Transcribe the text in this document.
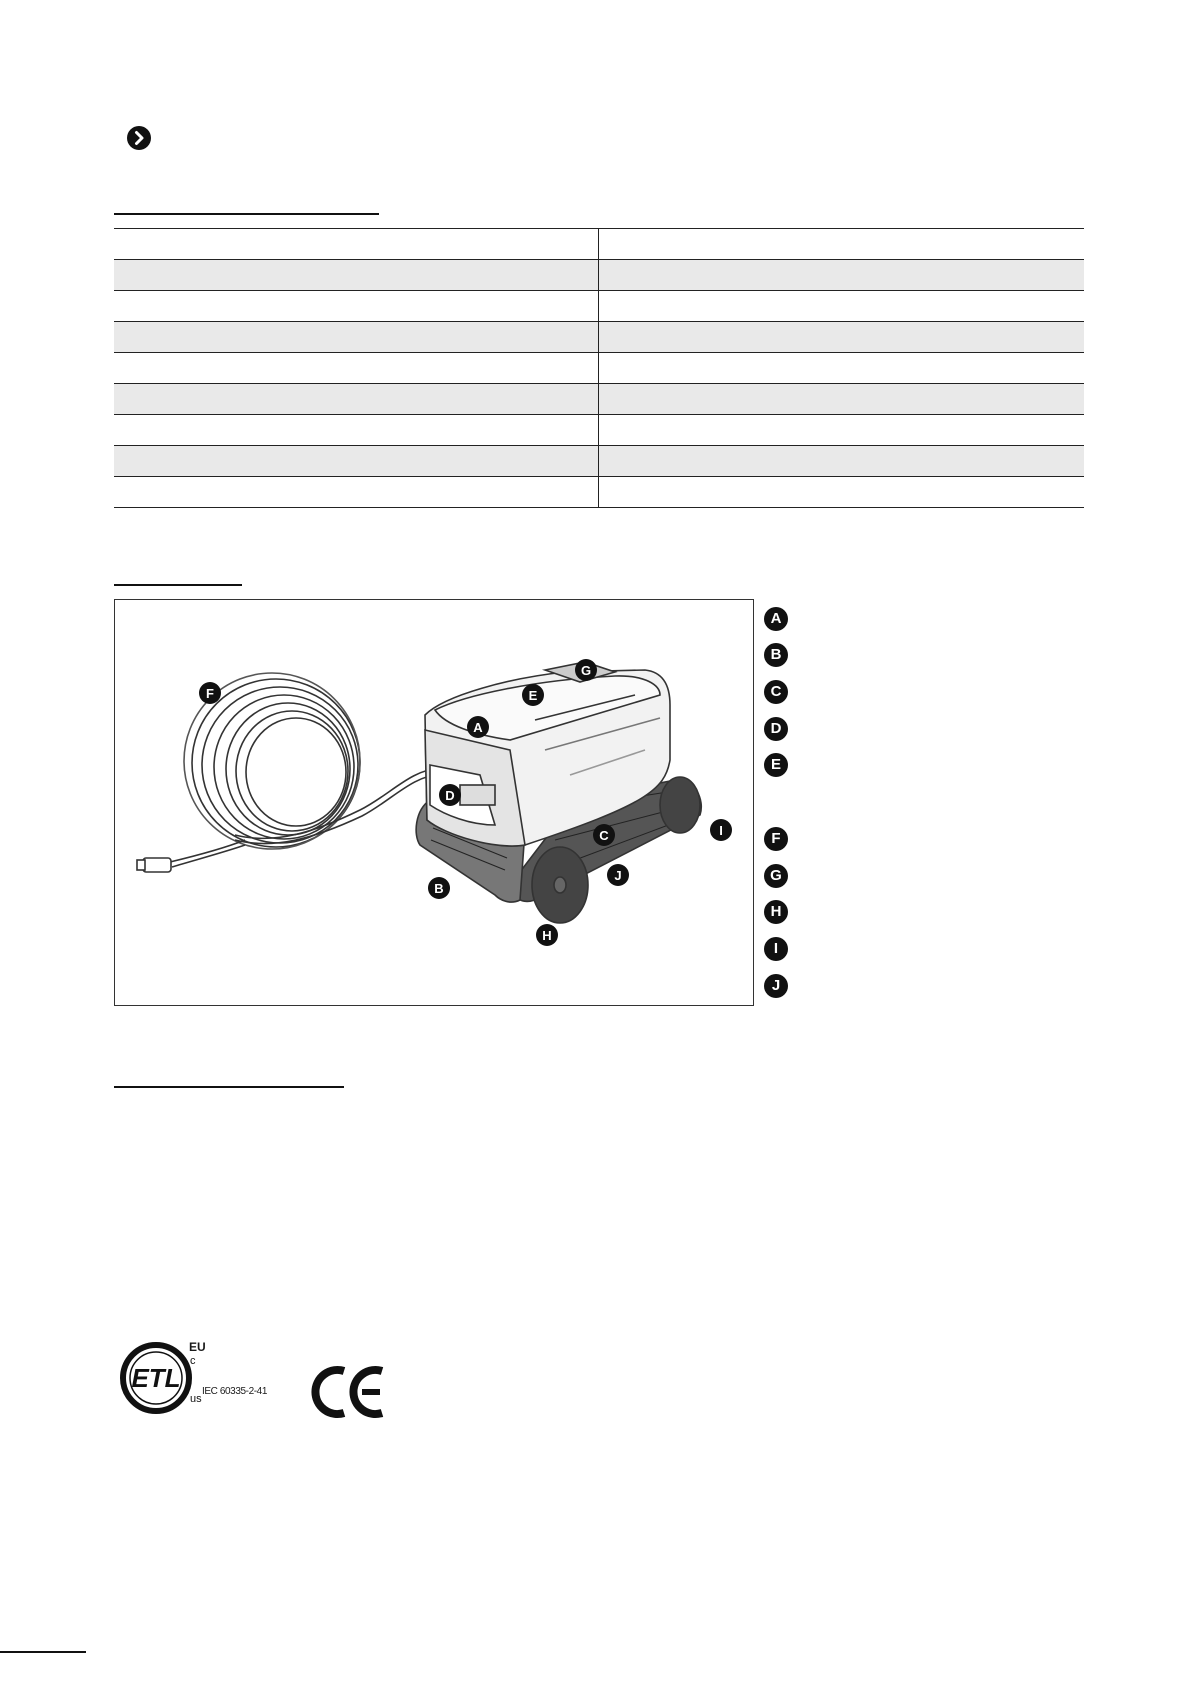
F
G
E
A
D
C	I
J
B
H
A
B
C
D
E
F
G
H
I
J
ETL
c
us
EU
IEC 60335-2-41
